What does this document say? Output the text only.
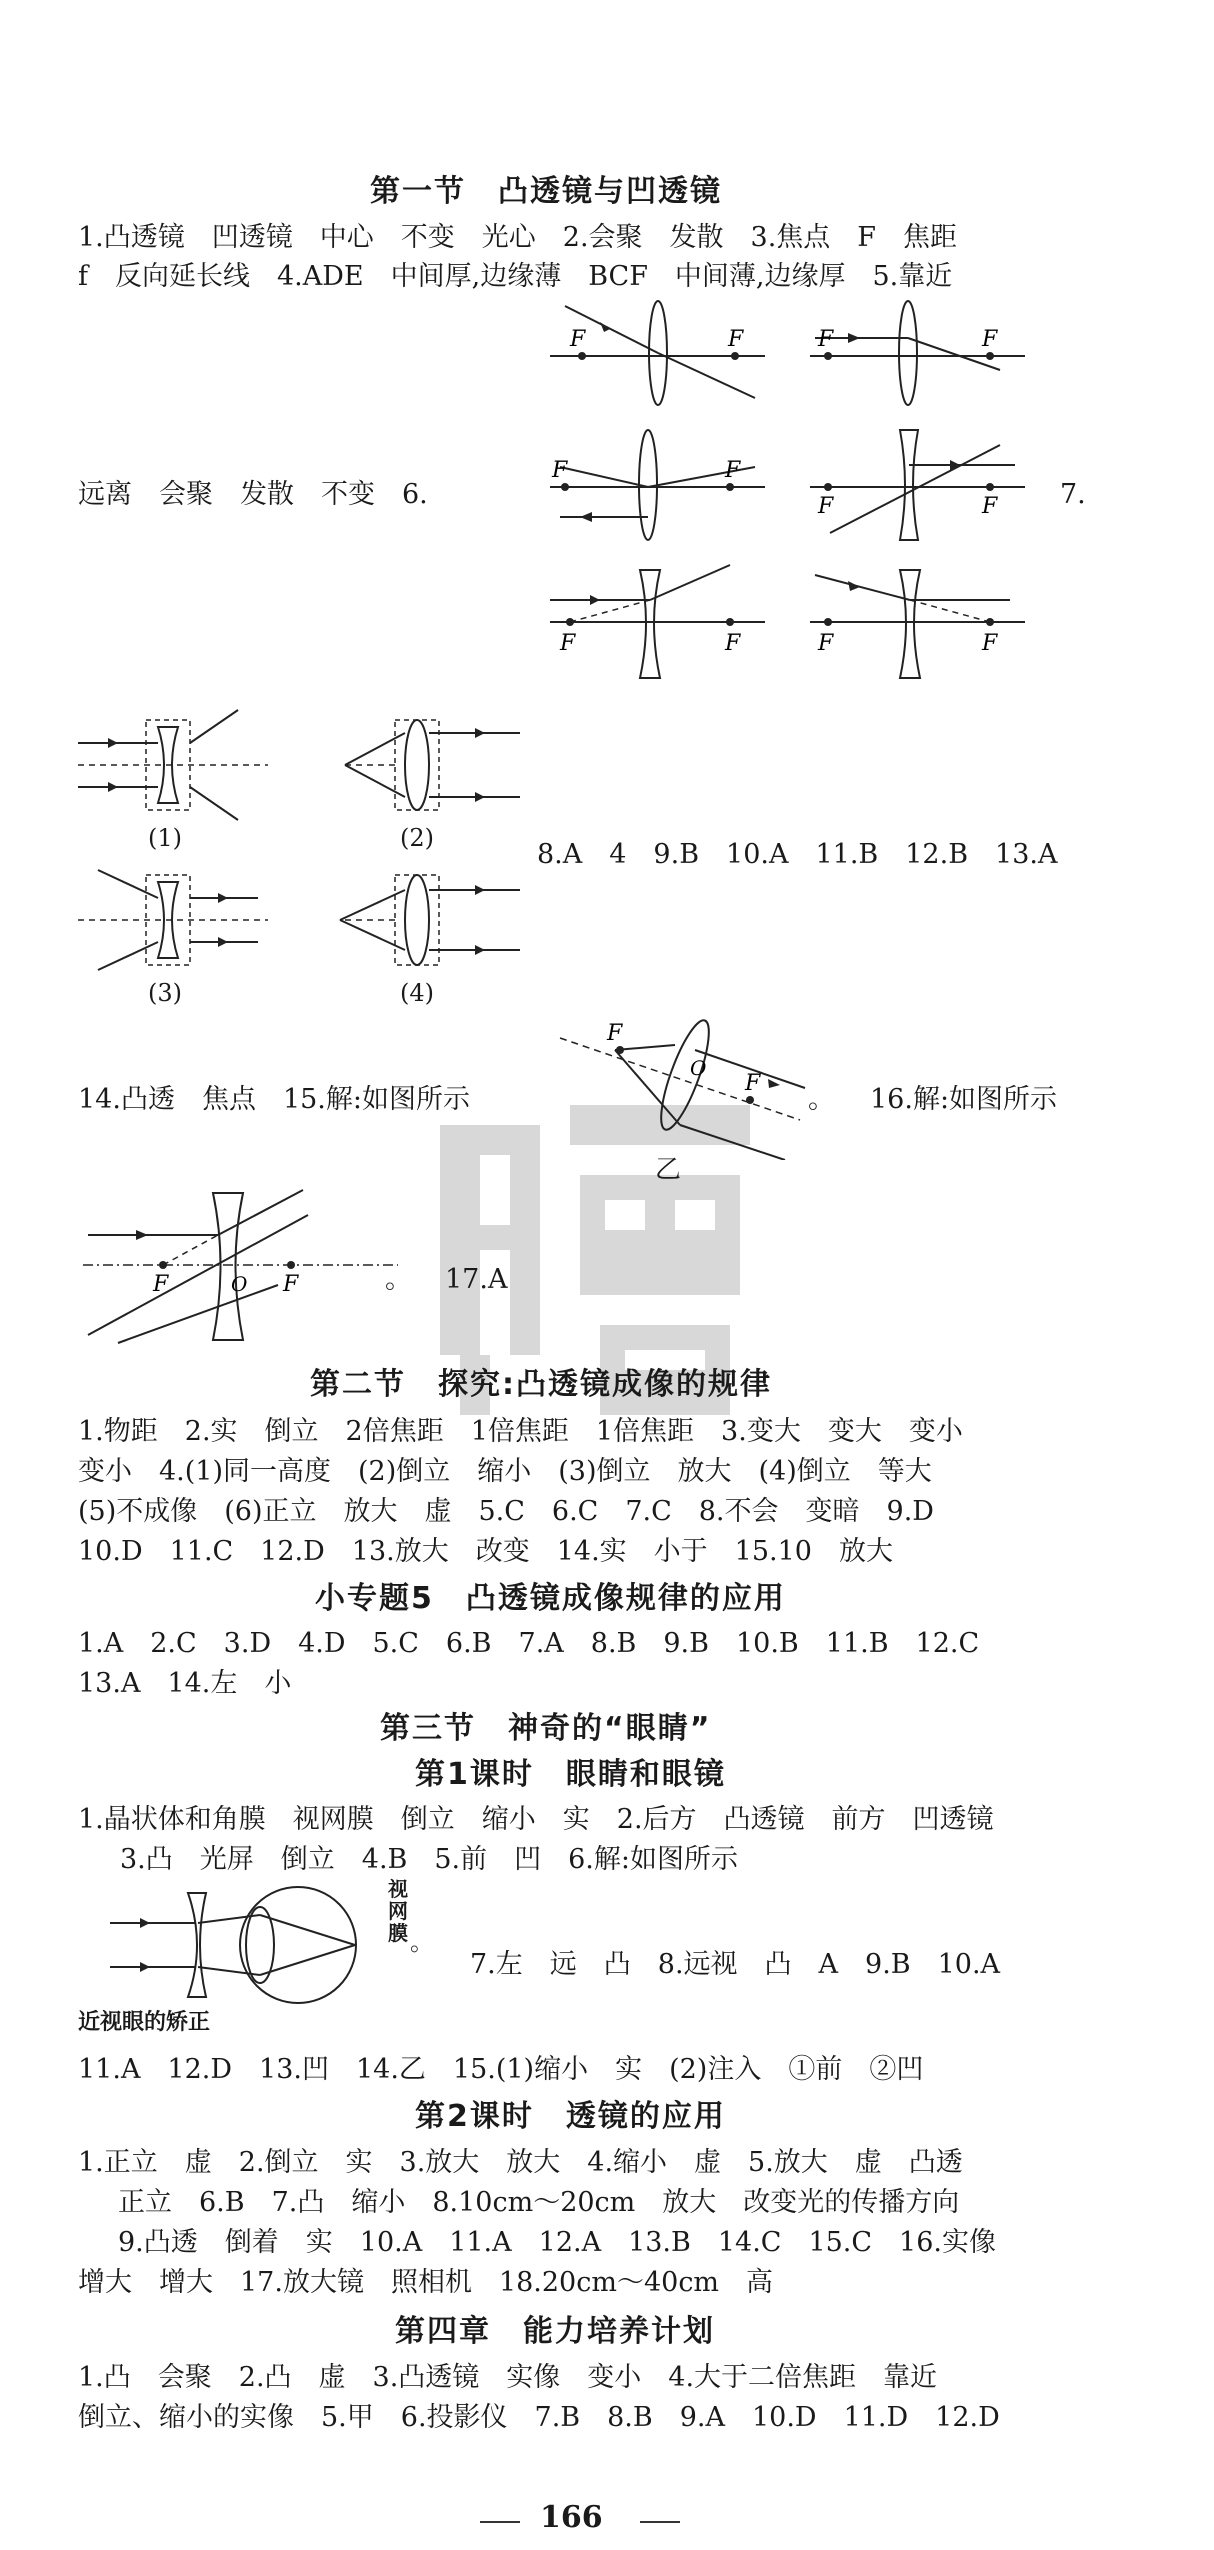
第一节　凸透镜与凹透镜
1.凸透镜　凹透镜　中心　不变　光心　2.会聚　发散　3.焦点　F　焦距
f　反向延长线　4.ADE　中间厚,边缘薄　BCF　中间薄,边缘厚　5.靠近
F	F	F	F
远离　会聚　发散　不变　6.	7.
F	F
F	F
F	F	F	F
(1)	(2)
8.A　4　9.B　10.A　11.B　12.B　13.A
(3)	(4)
F
O
F
乙
14.凸透　焦点　15.解:如图所示	。 16.解:如图所示
F	O F	。 17.A
第二节　探究:凸透镜成像的规律
1.物距　2.实　倒立　2倍焦距　1倍焦距　1倍焦距　3.变大　变大　变小
变小　4.(1)同一高度　(2)倒立　缩小　(3)倒立　放大　(4)倒立　等大
(5)不成像　(6)正立　放大　虚　5.C　6.C　7.C　8.不会　变暗　9.D
10.D　11.C　12.D　13.放大　改变　14.实　小于　15.10　放大
小专题5　凸透镜成像规律的应用
1.A　2.C　3.D　4.D　5.C　6.B　7.A　8.B　9.B　10.B　11.B　12.C
13.A　14.左　小
第三节　神奇的“眼睛”
第1课时　眼睛和眼镜
1.晶状体和角膜　视网膜　倒立　缩小　实　2.后方　凸透镜　前方　凹透镜
3.凸　光屏　倒立　4.B　5.前　凹　6.解:如图所示
视
网
膜 。
7.左　远　凸　8.远视　凸　A　9.B　10.A
近视眼的矫正
11.A　12.D　13.凹　14.乙　15.(1)缩小　实　(2)注入　①前　②凹
第2课时　透镜的应用
1.正立　虚　2.倒立　实　3.放大　放大　4.缩小　虚　5.放大　虚　凸透
正立　6.B　7.凸　缩小　8.10cm～20cm　放大　改变光的传播方向
9.凸透　倒着　实　10.A　11.A　12.A　13.B　14.C　15.C　16.实像
增大　增大　17.放大镜　照相机　18.20cm～40cm　高
第四章　能力培养计划
1.凸　会聚　2.凸　虚　3.凸透镜　实像　变小　4.大于二倍焦距　靠近
倒立、缩小的实像　5.甲　6.投影仪　7.B　8.B　9.A　10.D　11.D　12.D
166
